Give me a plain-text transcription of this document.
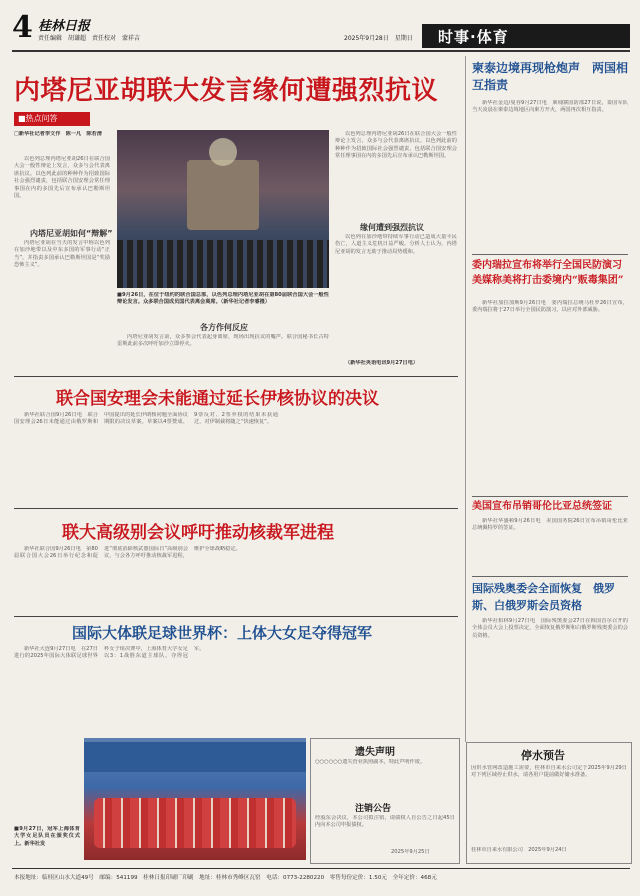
4 桂林日报
责任编辑　胡谦超　责任校对　蒙祥吉	2025年9月28日　星期日 时事·体育
内塔尼亚胡联大发言缘何遭强烈抗议
■热点问答
□新华社记者李文作　陈一凡　陈若清

以色列总理内塔尼亚胡26日在联合国大会一般性辩论上发言，众多与会代表离席抗议。以色列此前的种种作为招致国际社会强烈谴责，包括联合国安理会常任理事国在内的多国先后宣布承认巴勒斯坦国。

内塔尼亚胡如何“辩解”

内塔尼亚胡在当天的发言中称以色列在加沙地带以及中东多国的军事行动“正当”，并指责多国承认巴勒斯坦国是“奖励恐怖主义”。

■9月26日，在位于纽约的联合国总部，以色列总理内塔尼亚胡在第80届联合国大会一般性辩论发言。众多联合国成员国代表离会离席。（新华社记者李睿摄）
各方作何反应

内塔尼亚胡发言前，众多参会代表起身离席，现场出现抗议的嘘声。联合国秘书长古特雷斯此前多次呼吁加沙立即停火。

以色列总理内塔尼亚胡26日在联合国大会一般性辩论上发言，众多与会代表离席抗议。以色列此前的种种作为招致国际社会强烈谴责，包括联合国安理会常任理事国在内的多国先后宣布承认巴勒斯坦国。

缘何遭到强烈抗议

以色列在加沙地带持续军事行动已造成大量平民伤亡，人道主义危机日益严峻。分析人士认为，内塔尼亚胡的发言无助于推动局势缓和。

（新华社英语电讯9月27日电）
联合国安理会未能通过延长伊核协议的决议

新华社联合国9月26日电　联合国安理会26日未能通过由俄罗斯和中国提出的延长伊朗核问题全面协议期限的决议草案。草案以4票赞成、9票反对、2票弃权的结果未获通过，对伊制裁将随之“快速恢复”。

联大高级别会议呼吁推动核裁军进程

新华社联合国9月26日电　第80届联合国大会26日举行纪念和促进“彻底消除核武器国际日”高级别会议，与会各方呼吁推动核裁军进程，维护全球战略稳定。

国际大体联足球世界杯：上体大女足夺得冠军

新华社大连9月27日电　在27日进行的2025年国际大体联足球世界杯女子组决赛中，上海体育大学女足以3：1战胜东道主球队，夺得冠军。

■9月27日，冠军上海体育大学女足队员在颁奖仪式上。新华社发
遗失声明
○○○○○○遗失营业执照副本，特此声明作废。
注销公告
经股东会决议，本公司拟注销，请债权人自公告之日起45日内向本公司申报债权。
2025年9月25日
柬泰边境再现枪炮声　两国相互指责

新华社金边/曼谷9月27日电　柬埔寨国防部27日说，泰国军队当天凌晨在柬泰边境地区向柬方开火，两国再次相互指责。

委内瑞拉宣布将举行全国民防演习　美媒称美将打击委境内“贩毒集团”

新华社加拉加斯9月26日电　委内瑞拉总统马杜罗26日宣布，委内瑞拉将于27日举行全国民防演习，以应对外部威胁。

美国宣布吊销哥伦比亚总统签证

新华社华盛顿9月26日电　美国国务院26日宣布吊销哥伦比亚总统佩特罗的签证。

国际残奥委会全面恢复　俄罗斯、白俄罗斯会员资格

新华社柏林9月27日电　国际残奥委会27日在韩国首尔召开的全体会员大会上投票决定，全面恢复俄罗斯和白俄罗斯残奥委会的会员资格。

停水预告
因供水管网改造施工需要，桂林市自来水公司定于2025年9月29日对下列区域停止供水，请各用户提前做好储水准备。
桂林市自来水有限公司　2025年9月24日
本报地址：临桂区山水大道49号　邮编：541199　桂林日报印刷厂印刷　地址：桂林市秀峰区瓦窑　电话：0773-2280220　零售每份定价：1.50元　全年定价：468元
